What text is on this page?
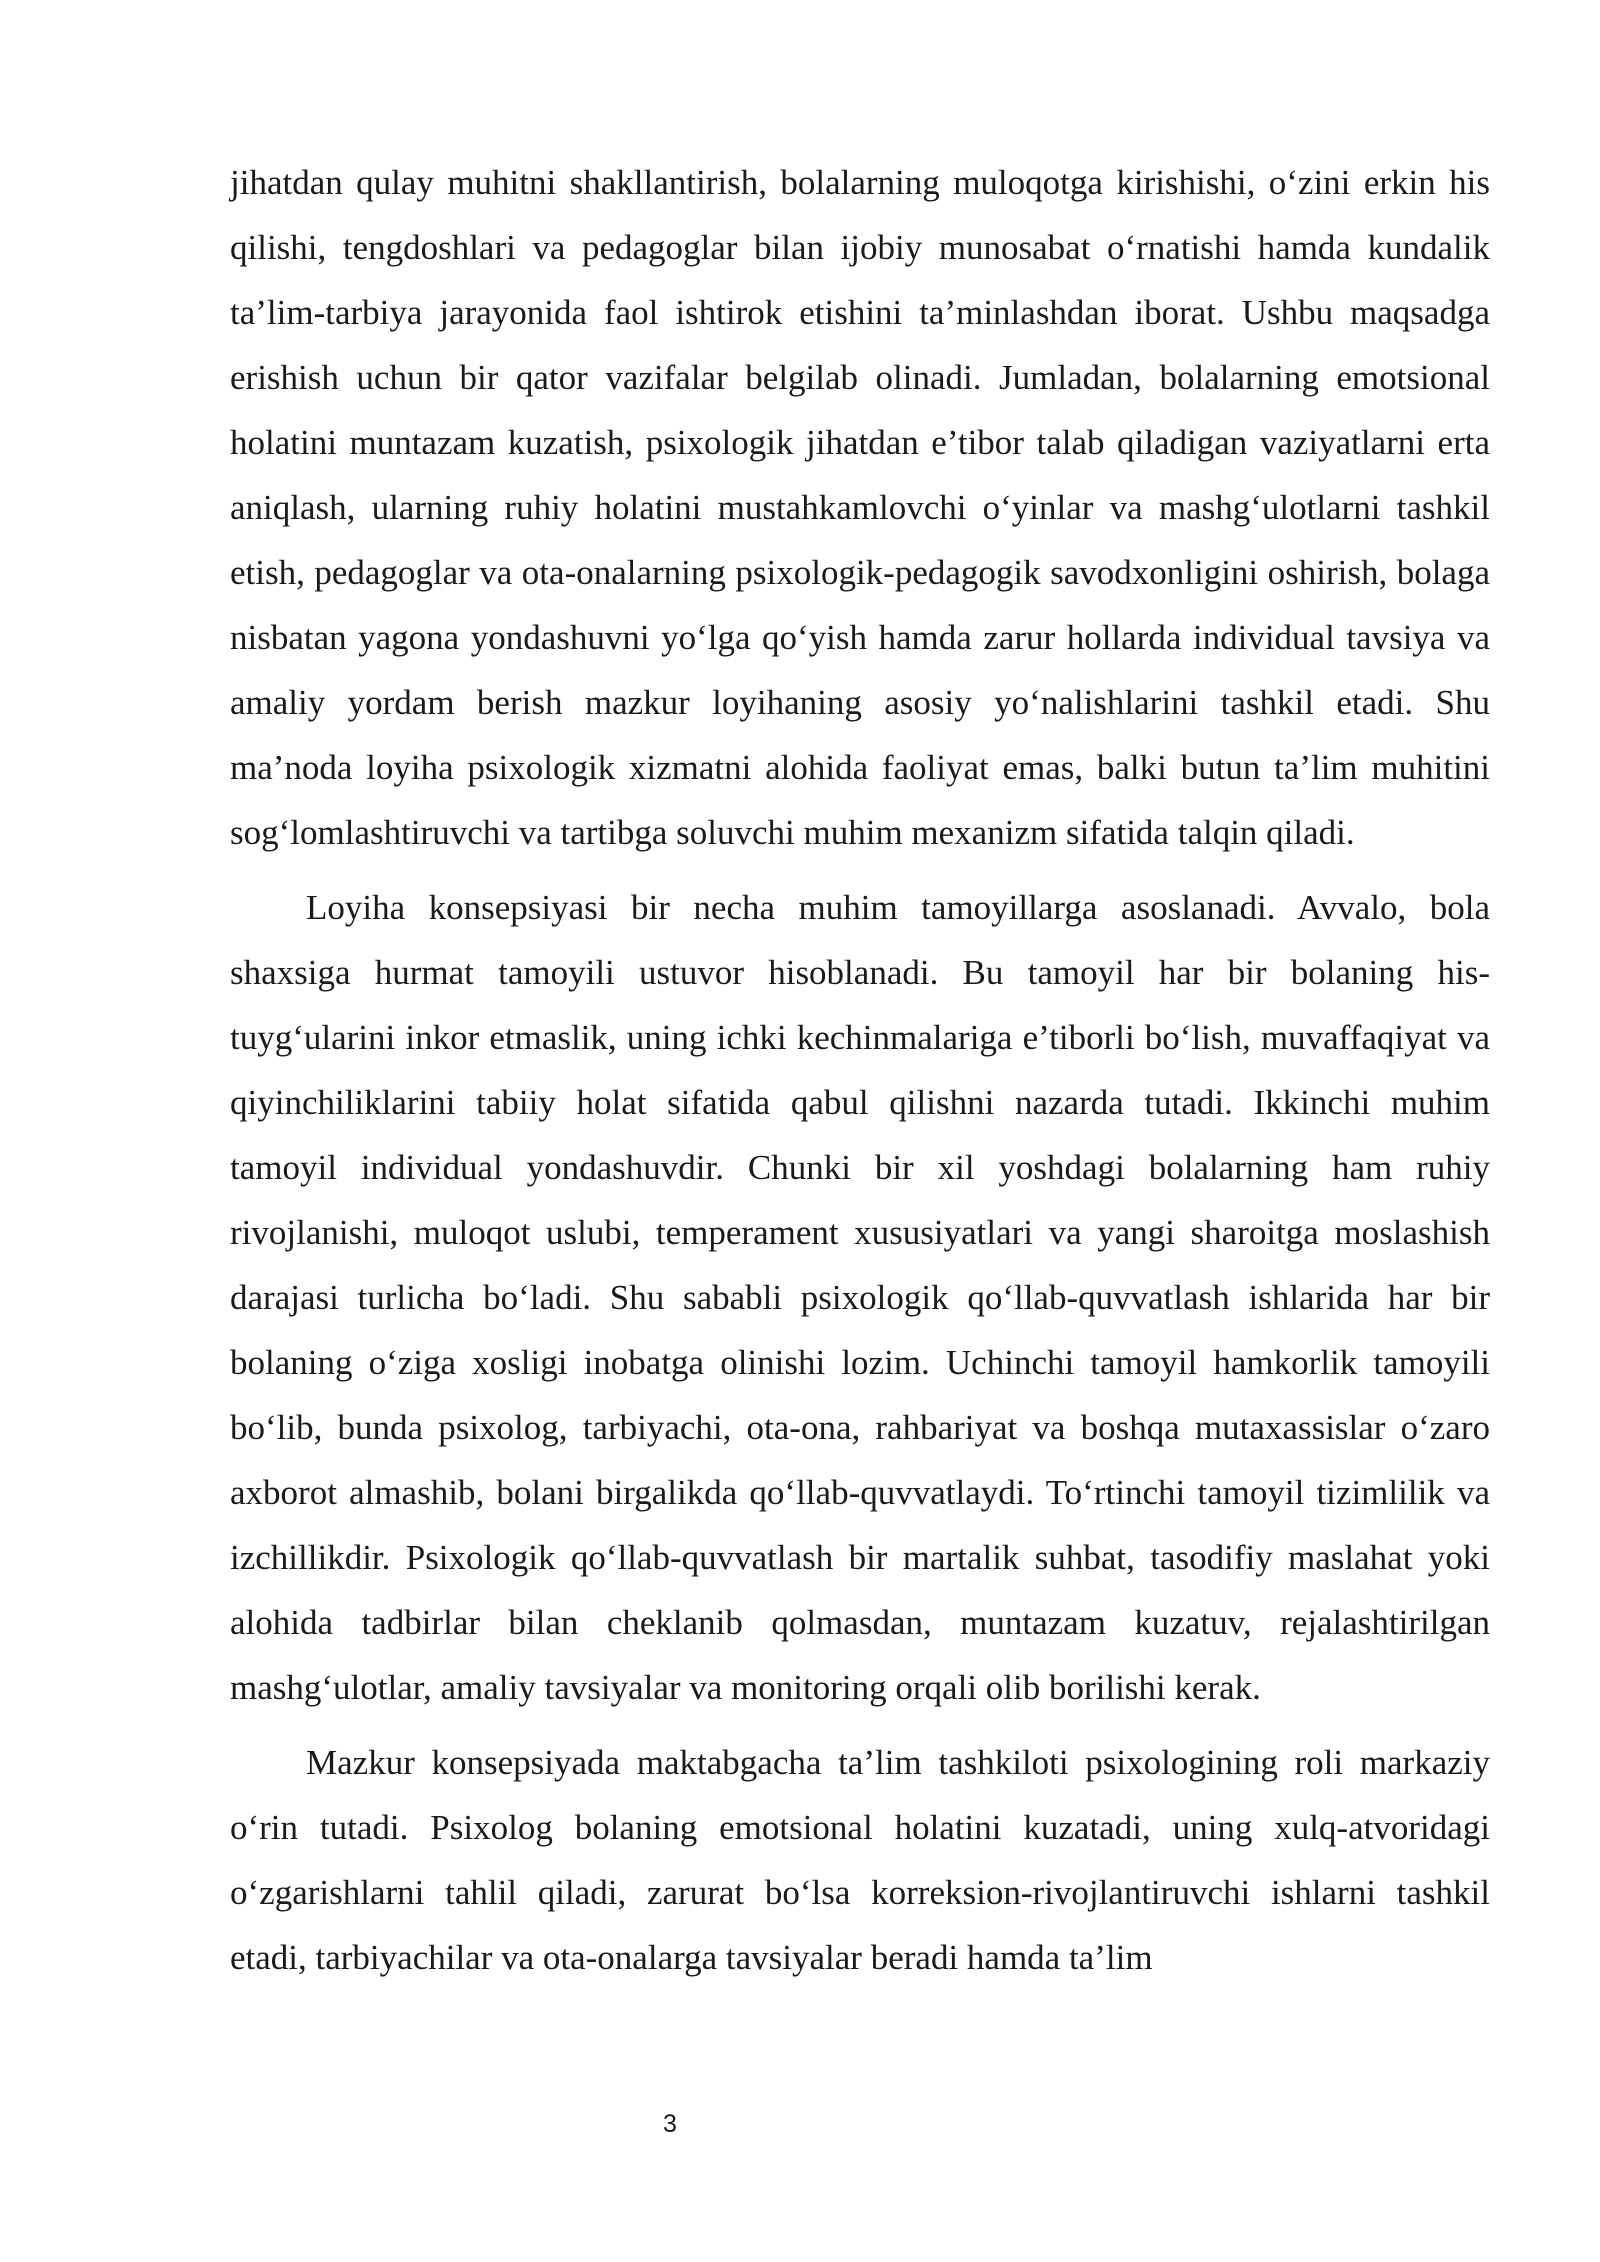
jihatdan qulay muhitni shakllantirish, bolalarning muloqotga kirishishi, o‘zini erkin his qilishi, tengdoshlari va pedagoglar bilan ijobiy munosabat o‘rnatishi hamda kundalik ta’lim-tarbiya jarayonida faol ishtirok etishini ta’minlashdan iborat. Ushbu maqsadga erishish uchun bir qator vazifalar belgilab olinadi. Jumladan, bolalarning emotsional holatini muntazam kuzatish, psixologik jihatdan e’tibor talab qiladigan vaziyatlarni erta aniqlash, ularning ruhiy holatini mustahkamlovchi o‘yinlar va mashg‘ulotlarni tashkil etish, pedagoglar va ota-onalarning psixologik-pedagogik savodxonligini oshirish, bolaga nisbatan yagona yondashuvni yo‘lga qo‘yish hamda zarur hollarda individual tavsiya va amaliy yordam berish mazkur loyihaning asosiy yo‘nalishlarini tashkil etadi. Shu ma’noda loyiha psixologik xizmatni alohida faoliyat emas, balki butun ta’lim muhitini sog‘lomlashtiruvchi va tartibga soluvchi muhim mexanizm sifatida talqin qiladi.

Loyiha konsepsiyasi bir necha muhim tamoyillarga asoslanadi. Avvalo, bola shaxsiga hurmat tamoyili ustuvor hisoblanadi. Bu tamoyil har bir bolaning his-tuyg‘ularini inkor etmaslik, uning ichki kechinmalariga e’tiborli bo‘lish, muvaffaqiyat va qiyinchiliklarini tabiiy holat sifatida qabul qilishni nazarda tutadi. Ikkinchi muhim tamoyil individual yondashuvdir. Chunki bir xil yoshdagi bolalarning ham ruhiy rivojlanishi, muloqot uslubi, temperament xususiyatlari va yangi sharoitga moslashish darajasi turlicha bo‘ladi. Shu sababli psixologik qo‘llab-quvvatlash ishlarida har bir bolaning o‘ziga xosligi inobatga olinishi lozim. Uchinchi tamoyil hamkorlik tamoyili bo‘lib, bunda psixolog, tarbiyachi, ota-ona, rahbariyat va boshqa mutaxassislar o‘zaro axborot almashib, bolani birgalikda qo‘llab-quvvatlaydi. To‘rtinchi tamoyil tizimlilik va izchillikdir. Psixologik qo‘llab-quvvatlash bir martalik suhbat, tasodifiy maslahat yoki alohida tadbirlar bilan cheklanib qolmasdan, muntazam kuzatuv, rejalashtirilgan mashg‘ulotlar, amaliy tavsiyalar va monitoring orqali olib borilishi kerak.

Mazkur konsepsiyada maktabgacha ta’lim tashkiloti psixologining roli markaziy o‘rin tutadi. Psixolog bolaning emotsional holatini kuzatadi, uning xulq-atvoridagi o‘zgarishlarni tahlil qiladi, zarurat bo‘lsa korreksion-rivojlantiruvchi ishlarni tashkil etadi, tarbiyachilar va ota-onalarga tavsiyalar beradi hamda ta’lim

3
